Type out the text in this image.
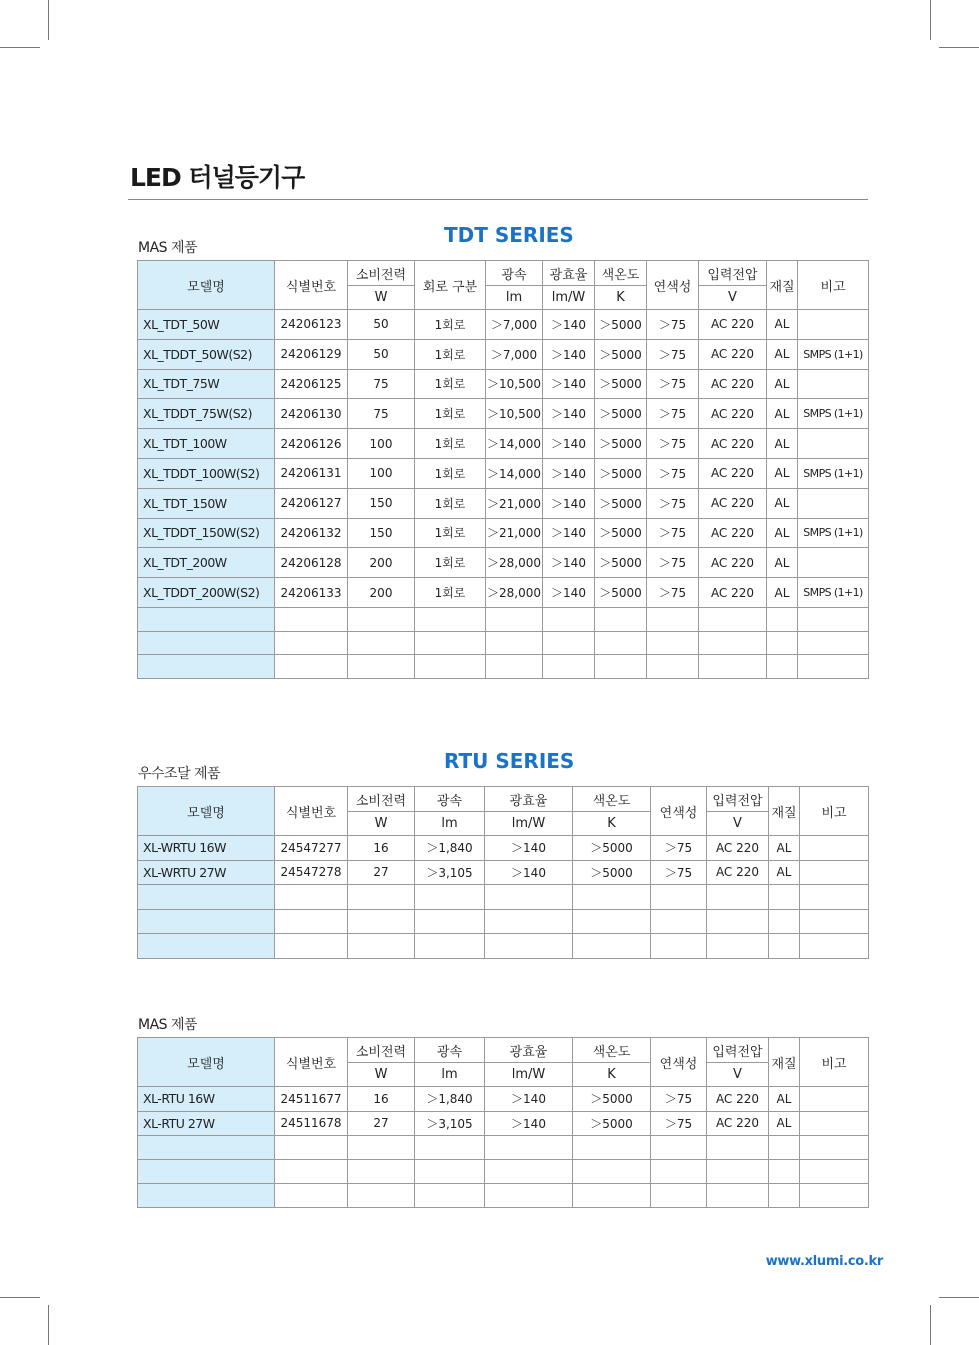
LED 터널등기구
MAS 제품
TDT SERIES
모델명	식별번호	소비전력	회로 구분	광속	광효율	색온도	연색성	입력전압	재질	비고
		W		lm	lm/W	K		V		
XL_TDT_50W	24206123	50	1회로	＞7,000	＞140	＞5000	＞75	AC 220	AL	
XL_TDDT_50W(S2)	24206129	50	1회로	＞7,000	＞140	＞5000	＞75	AC 220	AL	SMPS (1+1)
XL_TDT_75W	24206125	75	1회로	＞10,500	＞140	＞5000	＞75	AC 220	AL	
XL_TDDT_75W(S2)	24206130	75	1회로	＞10,500	＞140	＞5000	＞75	AC 220	AL	SMPS (1+1)
XL_TDT_100W	24206126	100	1회로	＞14,000	＞140	＞5000	＞75	AC 220	AL	
XL_TDDT_100W(S2)	24206131	100	1회로	＞14,000	＞140	＞5000	＞75	AC 220	AL	SMPS (1+1)
XL_TDT_150W	24206127	150	1회로	＞21,000	＞140	＞5000	＞75	AC 220	AL	
XL_TDDT_150W(S2)	24206132	150	1회로	＞21,000	＞140	＞5000	＞75	AC 220	AL	SMPS (1+1)
XL_TDT_200W	24206128	200	1회로	＞28,000	＞140	＞5000	＞75	AC 220	AL	
XL_TDDT_200W(S2)	24206133	200	1회로	＞28,000	＞140	＞5000	＞75	AC 220	AL	SMPS (1+1)

우수조달 제품
RTU SERIES
모델명	식별번호	소비전력	광속	광효율	색온도	연색성	입력전압	재질	비고
		W	lm	lm/W	K		V		
XL-WRTU 16W	24547277	16	＞1,840	＞140	＞5000	＞75	AC 220	AL	
XL-WRTU 27W	24547278	27	＞3,105	＞140	＞5000	＞75	AC 220	AL	

MAS 제품
모델명	식별번호	소비전력	광속	광효율	색온도	연색성	입력전압	재질	비고
		W	lm	lm/W	K		V		
XL-RTU 16W	24511677	16	＞1,840	＞140	＞5000	＞75	AC 220	AL	
XL-RTU 27W	24511678	27	＞3,105	＞140	＞5000	＞75	AC 220	AL	

www.xlumi.co.kr
